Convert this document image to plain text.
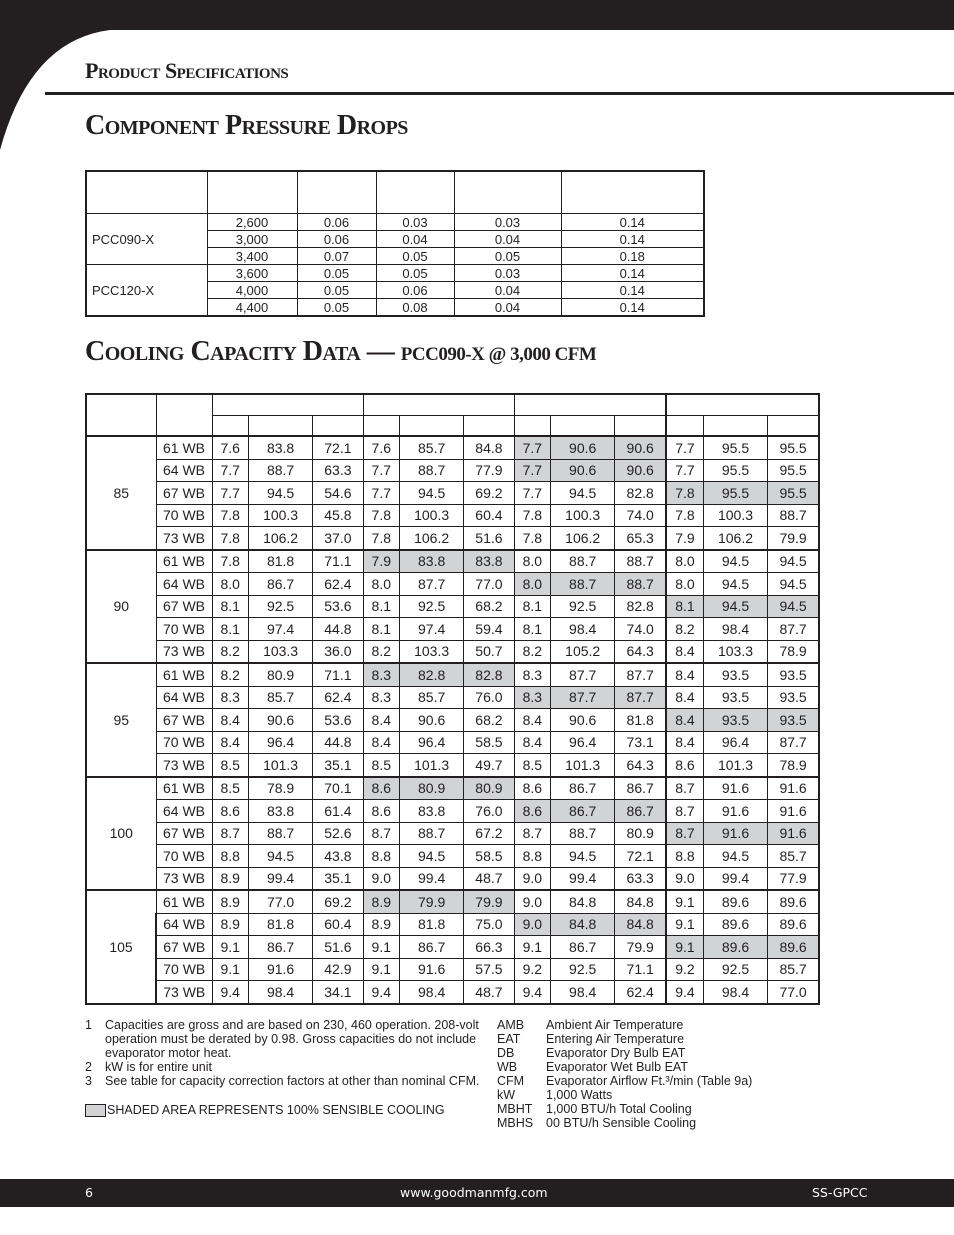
Product Specifications
Component Pressure Drops

PCC090-X	2,600	0.06	0.03	0.03	0.14
	3,000	0.06	0.04	0.04	0.14
	3,400	0.07	0.05	0.05	0.18
PCC120-X	3,600	0.05	0.05	0.03	0.14
	4,000	0.05	0.06	0.04	0.14
	4,400	0.05	0.08	0.04	0.14
Cooling Capacity Data — PCC090-X @ 3,000 CFM

85	61 WB	7.6	83.8	72.1	7.6	85.7	84.8	7.7	90.6	90.6	7.7	95.5	95.5
	64 WB	7.7	88.7	63.3	7.7	88.7	77.9	7.7	90.6	90.6	7.7	95.5	95.5
	67 WB	7.7	94.5	54.6	7.7	94.5	69.2	7.7	94.5	82.8	7.8	95.5	95.5
	70 WB	7.8	100.3	45.8	7.8	100.3	60.4	7.8	100.3	74.0	7.8	100.3	88.7
	73 WB	7.8	106.2	37.0	7.8	106.2	51.6	7.8	106.2	65.3	7.9	106.2	79.9
90	61 WB	7.8	81.8	71.1	7.9	83.8	83.8	8.0	88.7	88.7	8.0	94.5	94.5
	64 WB	8.0	86.7	62.4	8.0	87.7	77.0	8.0	88.7	88.7	8.0	94.5	94.5
	67 WB	8.1	92.5	53.6	8.1	92.5	68.2	8.1	92.5	82.8	8.1	94.5	94.5
	70 WB	8.1	97.4	44.8	8.1	97.4	59.4	8.1	98.4	74.0	8.2	98.4	87.7
	73 WB	8.2	103.3	36.0	8.2	103.3	50.7	8.2	105.2	64.3	8.4	103.3	78.9
95	61 WB	8.2	80.9	71.1	8.3	82.8	82.8	8.3	87.7	87.7	8.4	93.5	93.5
	64 WB	8.3	85.7	62.4	8.3	85.7	76.0	8.3	87.7	87.7	8.4	93.5	93.5
	67 WB	8.4	90.6	53.6	8.4	90.6	68.2	8.4	90.6	81.8	8.4	93.5	93.5
	70 WB	8.4	96.4	44.8	8.4	96.4	58.5	8.4	96.4	73.1	8.4	96.4	87.7
	73 WB	8.5	101.3	35.1	8.5	101.3	49.7	8.5	101.3	64.3	8.6	101.3	78.9
100	61 WB	8.5	78.9	70.1	8.6	80.9	80.9	8.6	86.7	86.7	8.7	91.6	91.6
	64 WB	8.6	83.8	61.4	8.6	83.8	76.0	8.6	86.7	86.7	8.7	91.6	91.6
	67 WB	8.7	88.7	52.6	8.7	88.7	67.2	8.7	88.7	80.9	8.7	91.6	91.6
	70 WB	8.8	94.5	43.8	8.8	94.5	58.5	8.8	94.5	72.1	8.8	94.5	85.7
	73 WB	8.9	99.4	35.1	9.0	99.4	48.7	9.0	99.4	63.3	9.0	99.4	77.9
105	61 WB	8.9	77.0	69.2	8.9	79.9	79.9	9.0	84.8	84.8	9.1	89.6	89.6
	64 WB	8.9	81.8	60.4	8.9	81.8	75.0	9.0	84.8	84.8	9.1	89.6	89.6
	67 WB	9.1	86.7	51.6	9.1	86.7	66.3	9.1	86.7	79.9	9.1	89.6	89.6
	70 WB	9.1	91.6	42.9	9.1	91.6	57.5	9.2	92.5	71.1	9.2	92.5	85.7
	73 WB	9.4	98.4	34.1	9.4	98.4	48.7	9.4	98.4	62.4	9.4	98.4	77.0
1	Capacities are gross and are based on 230, 460 operation. 208-volt operation must be derated by 0.98. Gross capacities do not include evaporator motor heat.
2	kW is for entire unit
3	See table for capacity correction factors at other than nominal CFM.
SHADED AREA REPRESENTS 100% SENSIBLE COOLING
AMB	Ambient Air Temperature
EAT	Entering Air Temperature
DB	Evaporator Dry Bulb EAT
WB	Evaporator Wet Bulb EAT
CFM	Evaporator Airflow Ft.³/min (Table 9a)
kW	1,000 Watts
MBHT	1,000 BTU/h Total Cooling
MBHS	00 BTU/h Sensible Cooling
6	www.goodmanmfg.com	SS-GPCC
